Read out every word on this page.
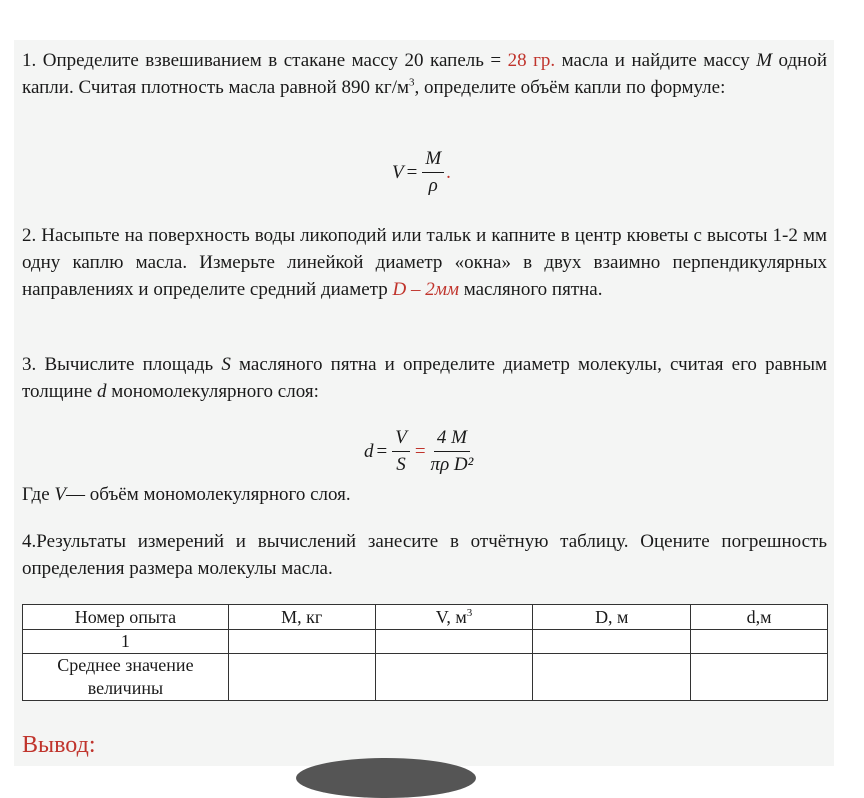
1. Определите взвешиванием в стакане массу 20 капель = 28 гр. масла и найдите массу M одной капли. Считая плотность масла равной 890 $кг/м^3$, определите объём капли по формуле:

$V = \frac{M}{\rho}$ .

2. Насыпьте на поверхность воды ликоподий или тальк и капните в центр кюветы с высоты 1-2 мм одну каплю масла. Измерьте линейкой диаметр «окна» в двух взаимно перпендикулярных направлениях и определите средний диаметр D – 2мм масляного пятна.

3. Вычислите площадь S масляного пятна и определите диаметр молекулы, считая его равным толщине d мономолекулярного слоя:

$d = \frac{V}{S} = \frac{4 M}{\text{πρ D²}}$

Где V— объём мономолекулярного слоя.

4.Результаты измерений и вычислений занесите в отчётную таблицу. Оцените погрешность определения размера молекулы масла.

Номер опыта	М, кг	V, $м^3$	D, м	d,м
1				
Среднее значение величины				

Вывод:
